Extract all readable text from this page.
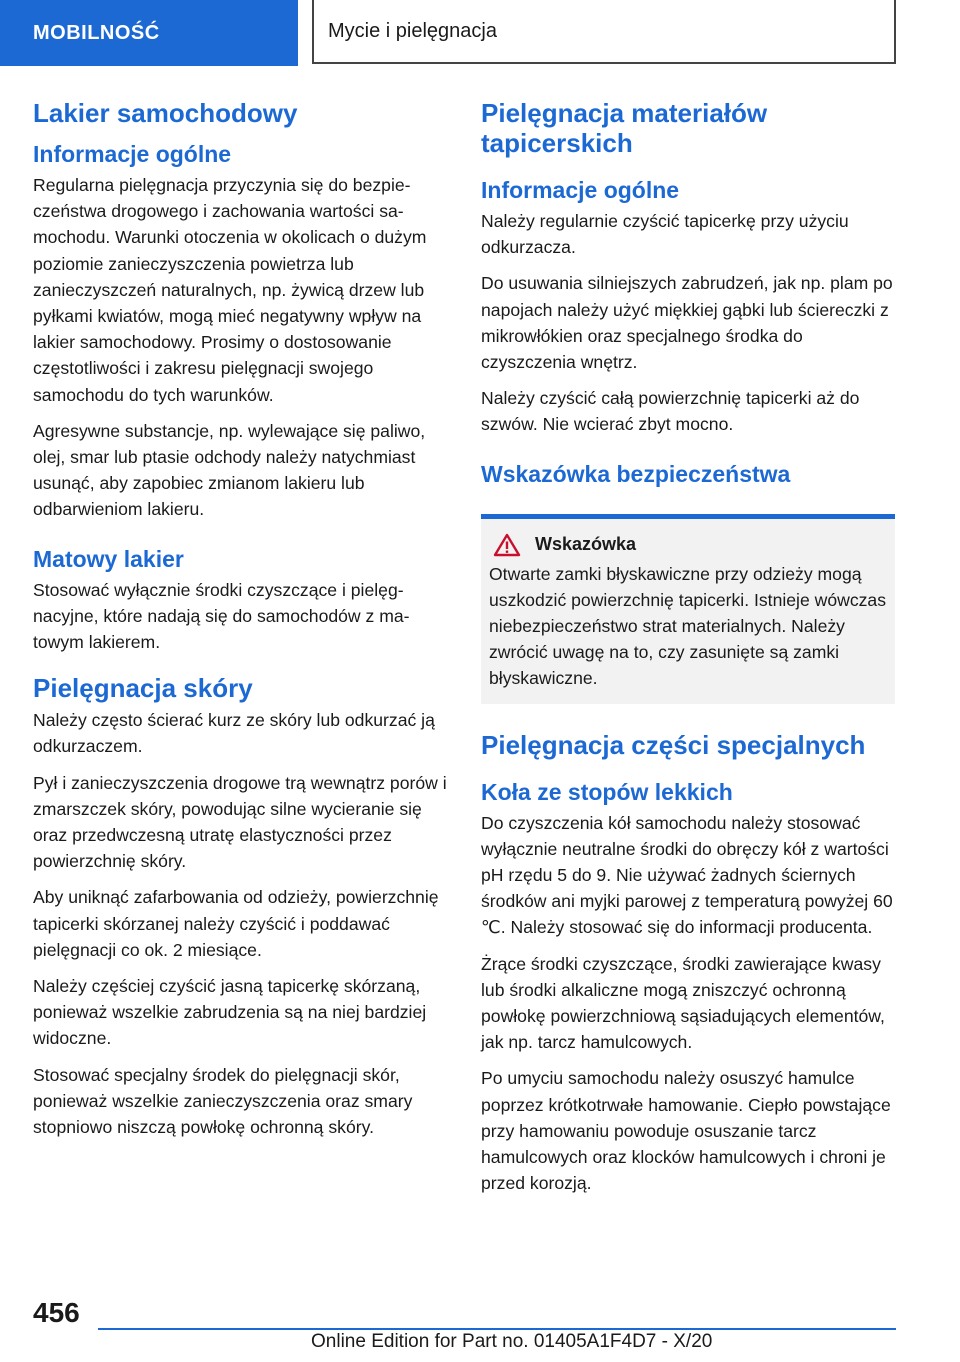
MOBILNOŚĆ	Mycie i pielęgnacja
Lakier samochodowy
Informacje ogólne

Regularna pielęgnacja przyczynia się do bezpieczeństwa drogowego i zachowania wartości samochodu. Warunki otoczenia w okolicach o dużym poziomie zanieczyszczenia powietrza lub zanieczyszczeń naturalnych, np. żywicą drzew lub pyłkami kwiatów, mogą mieć negatywny wpływ na lakier samochodowy. Prosimy o dostosowanie częstotliwości i zakresu pielęgnacji swojego samochodu do tych warunków.

Agresywne substancje, np. wylewające się paliwo, olej, smar lub ptasie odchody należy natychmiast usunąć, aby zapobiec zmianom lakieru lub odbarwieniom lakieru.

Matowy lakier

Stosować wyłącznie środki czyszczące i pielęgnacyjne, które nadają się do samochodów z matowym lakierem.

Pielęgnacja skóry

Należy często ścierać kurz ze skóry lub odkurzać ją odkurzaczem.

Pył i zanieczyszczenia drogowe trą wewnątrz porów i zmarszczek skóry, powodując silne wycieranie się oraz przedwczesną utratę elastyczności przez powierzchnię skóry.

Aby uniknąć zafarbowania od odzieży, powierzchnię tapicerki skórzanej należy czyścić i poddawać pielęgnacji co ok. 2 miesiące.

Należy częściej czyścić jasną tapicerkę skórzaną, ponieważ wszelkie zabrudzenia są na niej bardziej widoczne.

Stosować specjalny środek do pielęgnacji skór, ponieważ wszelkie zanieczyszczenia oraz smary stopniowo niszczą powłokę ochronną skóry.

Pielęgnacja materiałów tapicerskich
Informacje ogólne

Należy regularnie czyścić tapicerkę przy użyciu odkurzacza.

Do usuwania silniejszych zabrudzeń, jak np. plam po napojach należy użyć miękkiej gąbki lub ściereczki z mikrowłókien oraz specjalnego środka do czyszczenia wnętrz.

Należy czyścić całą powierzchnię tapicerki aż do szwów. Nie wcierać zbyt mocno.

Wskazówka bezpieczeństwa
Wskazówka

Otwarte zamki błyskawiczne przy odzieży mogą uszkodzić powierzchnię tapicerki. Istnieje wówczas niebezpieczeństwo strat materialnych. Należy zwrócić uwagę na to, czy zasunięte są zamki błyskawiczne.

Pielęgnacja części specjalnych
Koła ze stopów lekkich

Do czyszczenia kół samochodu należy stosować wyłącznie neutralne środki do obręczy kół z wartości pH rzędu 5 do 9. Nie używać żadnych ściernych środków ani myjki parowej z temperaturą powyżej 60 ℃. Należy stosować się do informacji producenta.

Żrące środki czyszczące, środki zawierające kwasy lub środki alkaliczne mogą zniszczyć ochronną powłokę powierzchniową sąsiadujących elementów, jak np. tarcz hamulcowych.

Po umyciu samochodu należy osuszyć hamulce poprzez krótkotrwałe hamowanie. Ciepło powstające przy hamowaniu powoduje osuszanie tarcz hamulcowych oraz klocków hamulcowych i chroni je przed korozją.

456
Online Edition for Part no. 01405A1F4D7 - X/20
